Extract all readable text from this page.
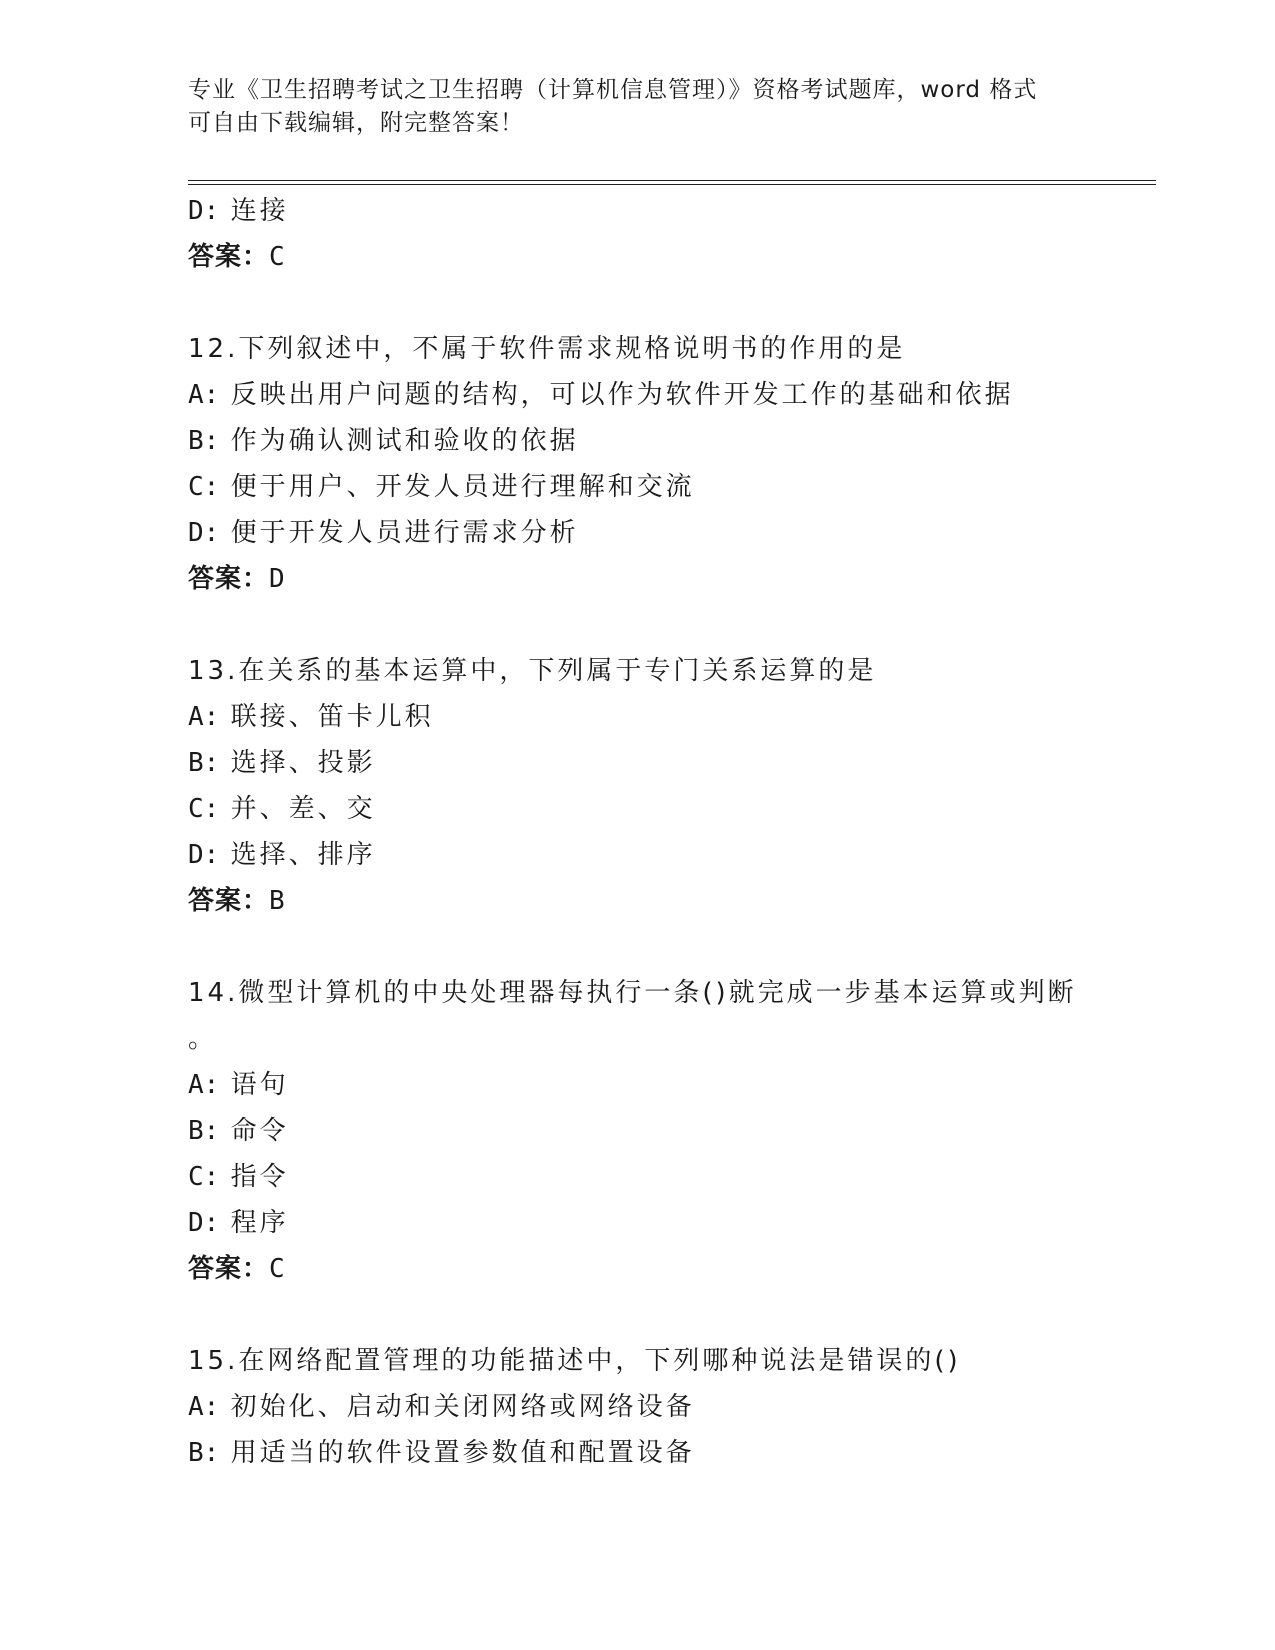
专业《卫生招聘考试之卫生招聘（计算机信息管理）》资格考试题库，word 格式
可自由下载编辑，附完整答案！
D: 连接
答案：C
12.下列叙述中，不属于软件需求规格说明书的作用的是
A: 反映出用户问题的结构，可以作为软件开发工作的基础和依据
B: 作为确认测试和验收的依据
C: 便于用户、开发人员进行理解和交流
D: 便于开发人员进行需求分析
答案：D
13.在关系的基本运算中，下列属于专门关系运算的是
A: 联接、笛卡儿积
B: 选择、投影
C: 并、差、交
D: 选择、排序
答案：B
14.微型计算机的中央处理器每执行一条()就完成一步基本运算或判断
。
A: 语句
B: 命令
C: 指令
D: 程序
答案：C
15.在网络配置管理的功能描述中，下列哪种说法是错误的()
A: 初始化、启动和关闭网络或网络设备
B: 用适当的软件设置参数值和配置设备
